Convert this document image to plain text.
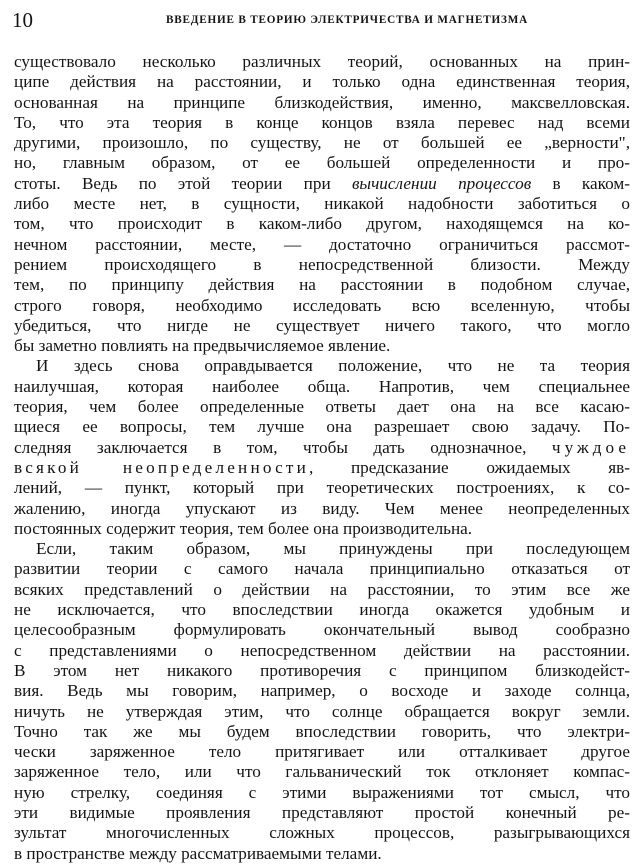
10	ВВЕДЕНИЕ В ТЕОРИЮ ЭЛЕКТРИЧЕСТВА И МАГНЕТИЗМА
существовало несколько различных теорий, основанных на прин-
ципе действия на расстоянии, и только одна единственная теория,
основанная на принципе близкодействия, именно, максвелловская.
То, что эта теория в конце концов взяла перевес над всеми
другими, произошло, по существу, не от большей ее „верности",
но, главным образом, от ее большей определенности и про-
стоты. Ведь по этой теории при вычислении процессов в каком-
либо месте нет, в сущности, никакой надобности заботиться о
том, что происходит в каком-либо другом, находящемся на ко-
нечном расстоянии, месте, — достаточно ограничиться рассмот-
рением происходящего в непосредственной близости. Между
тем, по принципу действия на расстоянии в подобном случае,
строго говоря, необходимо исследовать всю вселенную, чтобы
убедиться, что нигде не существует ничего такого, что могло
бы заметно повлиять на предвычисляемое явление.
И здесь снова оправдывается положение, что не та теория
наилучшая, которая наиболее обща. Напротив, чем специальнее
теория, чем более определенные ответы дает она на все касаю-
щиеся ее вопросы, тем лучше она разрешает свою задачу. По-
следняя заключается в том, чтобы дать однозначное, чуждое
всякой неопределенности, предсказание ожидаемых яв-
лений, — пункт, который при теоретических построениях, к со-
жалению, иногда упускают из виду. Чем менее неопределенных
постоянных содержит теория, тем более она производительна.
Если, таким образом, мы принуждены при последующем
развитии теории с самого начала принципиально отказаться от
всяких представлений о действии на расстоянии, то этим все же
не исключается, что впоследствии иногда окажется удобным и
целесообразным формулировать окончательный вывод сообразно
с представлениями о непосредственном действии на расстоянии.
В этом нет никакого противоречия с принципом близкодейст-
вия. Ведь мы говорим, например, о восходе и заходе солнца,
ничуть не утверждая этим, что солнце обращается вокруг земли.
Точно так же мы будем впоследствии говорить, что электри-
чески заряженное тело притягивает или отталкивает другое
заряженное тело, или что гальванический ток отклоняет компас-
ную стрелку, соединяя с этими выражениями тот смысл, что
эти видимые проявления представляют простой конечный ре-
зультат многочисленных сложных процессов, разыгрывающихся
в пространстве между рассматриваемыми телами.
